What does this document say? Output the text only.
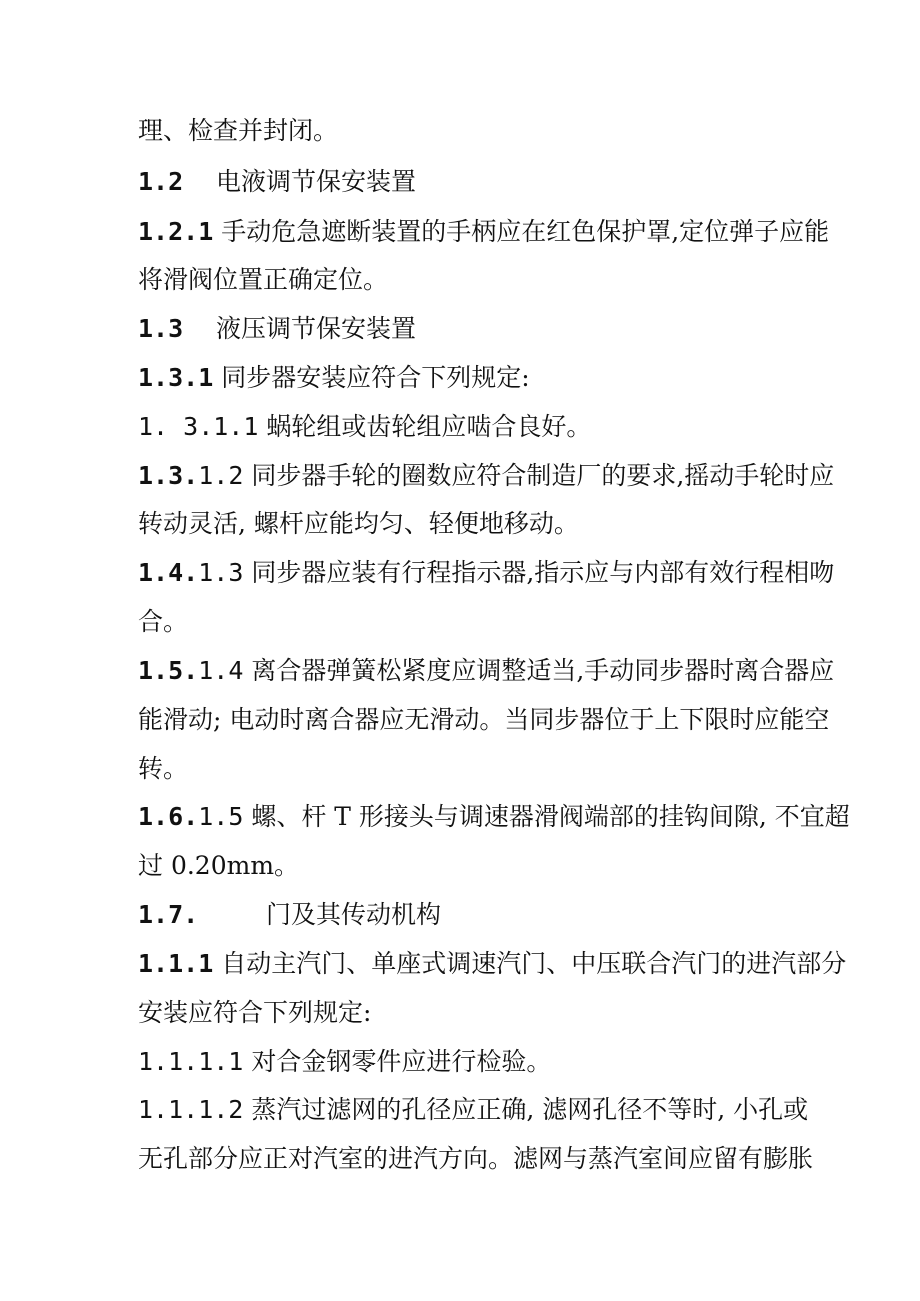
理、检查并封闭。
1.2 电液调节保安装置
1.2.1 手动危急遮断装置的手柄应在红色保护罩,定位弹子应能
将滑阀位置正确定位。
1.3 液压调节保安装置
1.3.1 同步器安装应符合下列规定:
1. 3.1.1 蜗轮组或齿轮组应啮合良好。
1.3.1.2 同步器手轮的圈数应符合制造厂的要求,摇动手轮时应
转动灵活, 螺杆应能均匀、轻便地移动。
1.4.1.3 同步器应装有行程指示器,指示应与内部有效行程相吻
合。
1.5.1.4 离合器弹簧松紧度应调整适当,手动同步器时离合器应
能滑动; 电动时离合器应无滑动。当同步器位于上下限时应能空
转。
1.6.1.5 螺、杆 T 形接头与调速器滑阀端部的挂钩间隙, 不宜超
过 0.20mm。
1.7.	门及其传动机构
1.1.1 自动主汽门、单座式调速汽门、中压联合汽门的进汽部分
安装应符合下列规定:
1.1.1.1 对合金钢零件应进行检验。
1.1.1.2 蒸汽过滤网的孔径应正确, 滤网孔径不等时, 小孔或
无孔部分应正对汽室的进汽方向。滤网与蒸汽室间应留有膨胀
